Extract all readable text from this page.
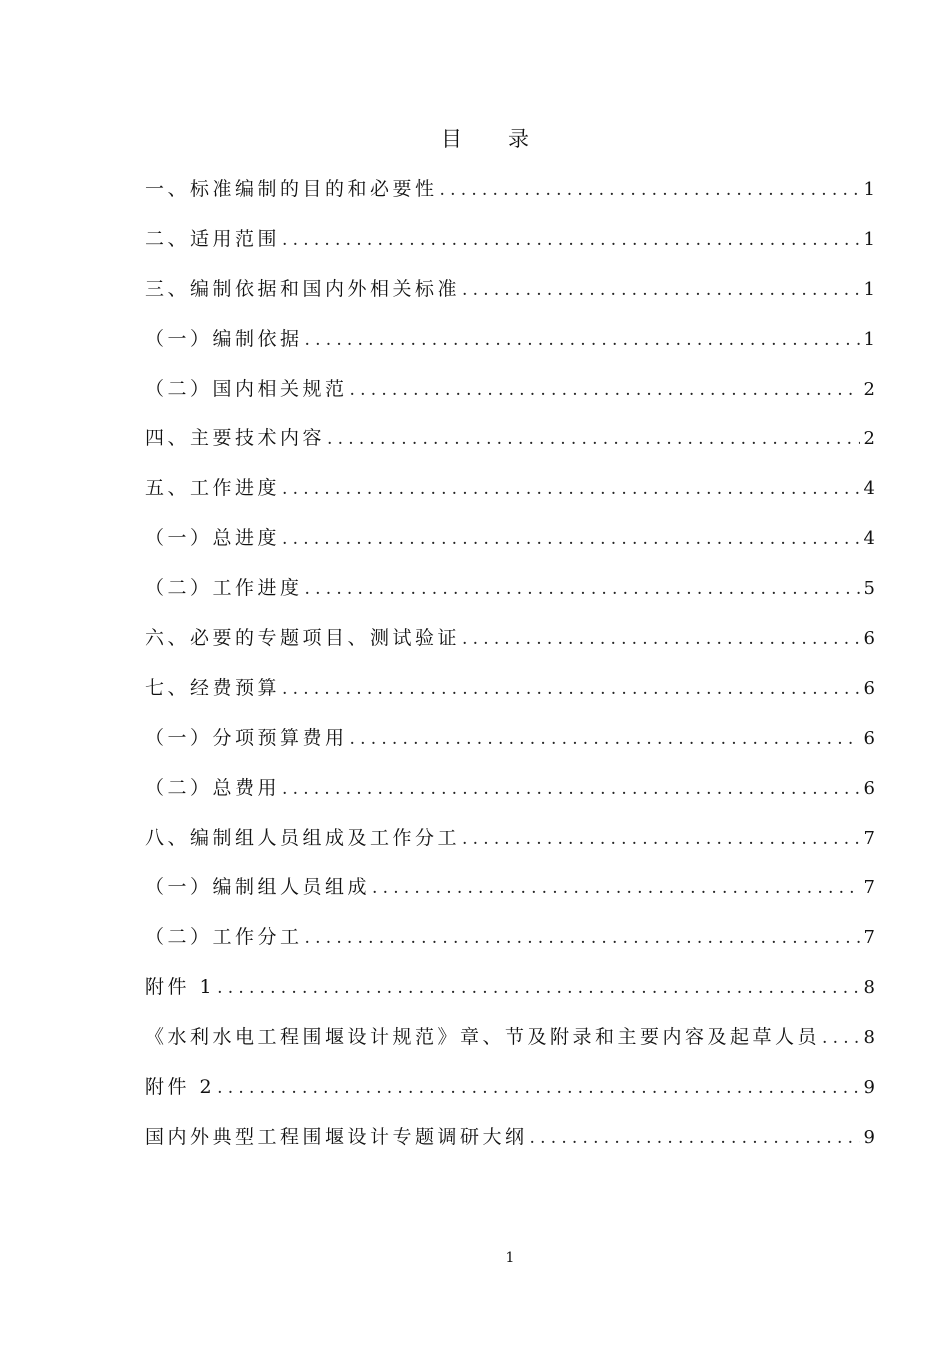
目录
一、标准编制的目的和必要性 .....	1
二、适用范围 .....	1
三、编制依据和国内外相关标准 .....	1
（一）编制依据 .....	1
（二）国内相关规范 .....	2
四、主要技术内容 .....	2
五、工作进度 .....	4
（一）总进度 .....	4
（二）工作进度 .....	5
六、必要的专题项目、测试验证 .....	6
七、经费预算 .....	6
（一）分项预算费用 .....	6
（二）总费用 .....	6
八、编制组人员组成及工作分工 .....	7
（一）编制组人员组成 .....	7
（二）工作分工 .....	7
附件 1 .....	8
《水利水电工程围堰设计规范》章、节及附录和主要内容及起草人员 ..... 8
附件 2 .....	9
国内外典型工程围堰设计专题调研大纲 .....	9
1
